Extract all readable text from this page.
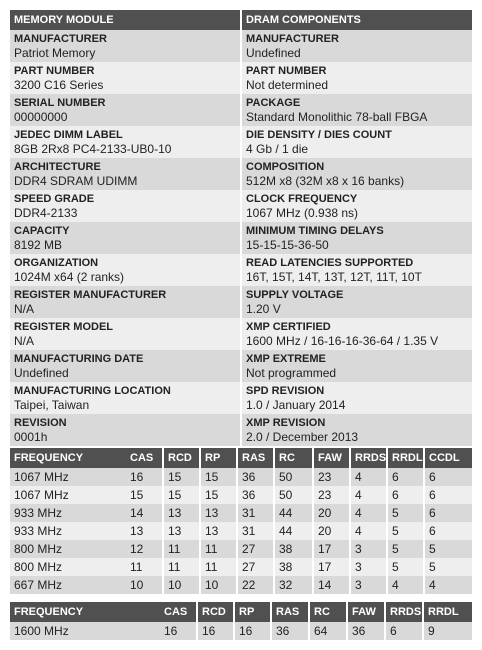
MEMORY MODULE
MANUFACTURER
Patriot Memory
PART NUMBER
3200 C16 Series
SERIAL NUMBER
00000000
JEDEC DIMM LABEL
8GB 2Rx8 PC4-2133-UB0-10
ARCHITECTURE
DDR4 SDRAM UDIMM
SPEED GRADE
DDR4-2133
CAPACITY
8192 MB
ORGANIZATION
1024M x64 (2 ranks)
REGISTER MANUFACTURER
N/A
REGISTER MODEL
N/A
MANUFACTURING DATE
Undefined
MANUFACTURING LOCATION
Taipei, Taiwan
REVISION
0001h
DRAM COMPONENTS
MANUFACTURER
Undefined
PART NUMBER
Not determined
PACKAGE
Standard Monolithic 78-ball FBGA
DIE DENSITY / DIES COUNT
4 Gb / 1 die
COMPOSITION
512M x8 (32M x8 x 16 banks)
CLOCK FREQUENCY
1067 MHz (0.938 ns)
MINIMUM TIMING DELAYS
15-15-15-36-50
READ LATENCIES SUPPORTED
16T, 15T, 14T, 13T, 12T, 11T, 10T
SUPPLY VOLTAGE
1.20 V
XMP CERTIFIED
1600 MHz / 16-16-16-36-64 / 1.35 V
XMP EXTREME
Not programmed
SPD REVISION
1.0 / January 2014
XMP REVISION
2.0 / December 2013
FREQUENCY	CAS	RCD	RP	RAS	RC	FAW	RRDS	RRDL	CCDL
1067 MHz	16	15	15	36	50	23	4	6	6
1067 MHz	15	15	15	36	50	23	4	6	6
933 MHz	14	13	13	31	44	20	4	5	6
933 MHz	13	13	13	31	44	20	4	5	6
800 MHz	12	11	11	27	38	17	3	5	5
800 MHz	11	11	11	27	38	17	3	5	5
667 MHz	10	10	10	22	32	14	3	4	4
FREQUENCY	CAS	RCD	RP	RAS	RC	FAW	RRDS	RRDL
1600 MHz	16	16	16	36	64	36	6	9
